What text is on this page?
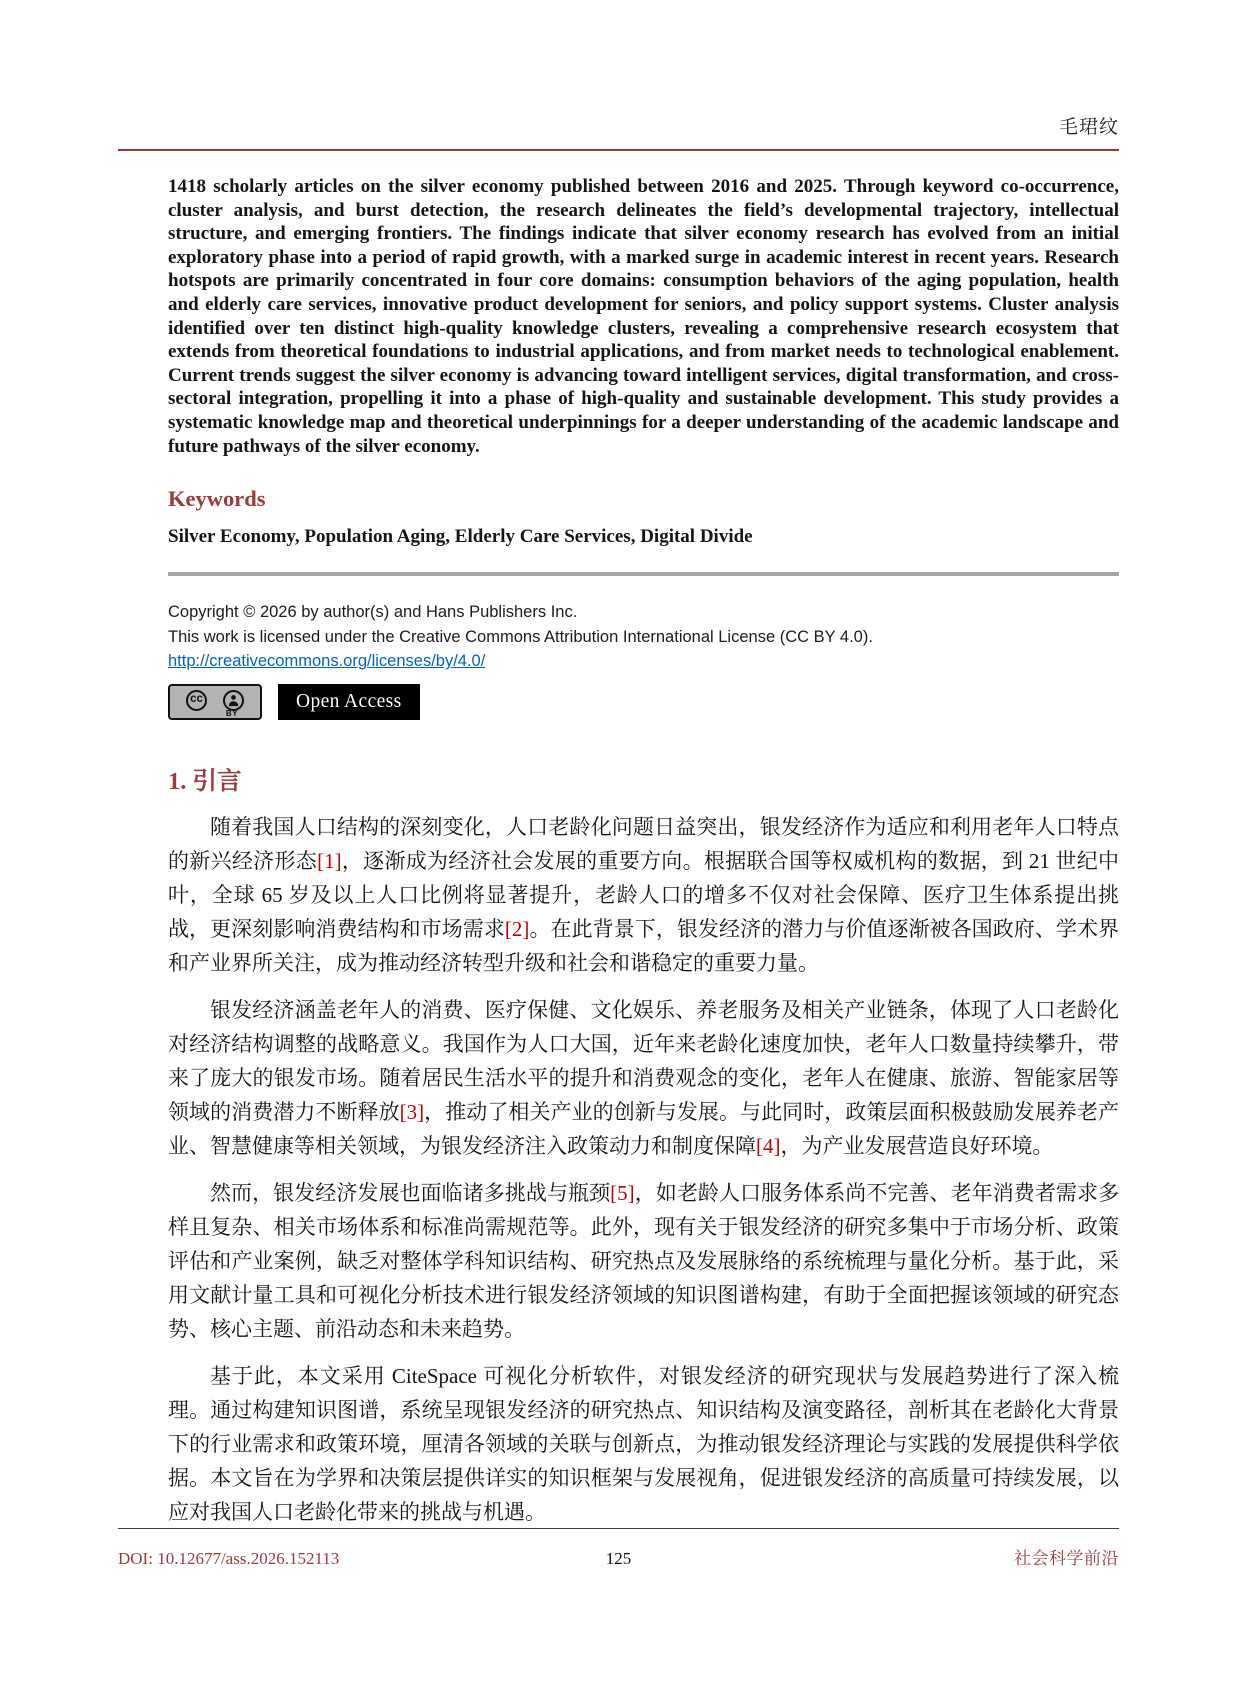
毛珺纹
1418 scholarly articles on the silver economy published between 2016 and 2025. Through keyword co-occurrence, cluster analysis, and burst detection, the research delineates the field’s developmental trajectory, intellectual structure, and emerging frontiers. The findings indicate that silver economy research has evolved from an initial exploratory phase into a period of rapid growth, with a marked surge in academic interest in recent years. Research hotspots are primarily concentrated in four core domains: consumption behaviors of the aging population, health and elderly care services, innovative product development for seniors, and policy support systems. Cluster analysis identified over ten distinct high-quality knowledge clusters, revealing a comprehensive research ecosystem that extends from theoretical foundations to industrial applications, and from market needs to technological enablement. Current trends suggest the silver economy is advancing toward intelligent services, digital transformation, and cross-sectoral integration, propelling it into a phase of high-quality and sustainable development. This study provides a systematic knowledge map and theoretical underpinnings for a deeper understanding of the academic landscape and future pathways of the silver economy.
Keywords
Silver Economy, Population Aging, Elderly Care Services, Digital Divide
Copyright © 2026 by author(s) and Hans Publishers Inc.
This work is licensed under the Creative Commons Attribution International License (CC BY 4.0).
http://creativecommons.org/licenses/by/4.0/
cc
BY
Open Access
1. 引言

随着我国人口结构的深刻变化，人口老龄化问题日益突出，银发经济作为适应和利用老年人口特点的新兴经济形态[1]，逐渐成为经济社会发展的重要方向。根据联合国等权威机构的数据，到 21 世纪中叶，全球 65 岁及以上人口比例将显著提升，老龄人口的增多不仅对社会保障、医疗卫生体系提出挑战，更深刻影响消费结构和市场需求[2]。在此背景下，银发经济的潜力与价值逐渐被各国政府、学术界和产业界所关注，成为推动经济转型升级和社会和谐稳定的重要力量。

银发经济涵盖老年人的消费、医疗保健、文化娱乐、养老服务及相关产业链条，体现了人口老龄化对经济结构调整的战略意义。我国作为人口大国，近年来老龄化速度加快，老年人口数量持续攀升，带来了庞大的银发市场。随着居民生活水平的提升和消费观念的变化，老年人在健康、旅游、智能家居等领域的消费潜力不断释放[3]，推动了相关产业的创新与发展。与此同时，政策层面积极鼓励发展养老产业、智慧健康等相关领域，为银发经济注入政策动力和制度保障[4]，为产业发展营造良好环境。

然而，银发经济发展也面临诸多挑战与瓶颈[5]，如老龄人口服务体系尚不完善、老年消费者需求多样且复杂、相关市场体系和标准尚需规范等。此外，现有关于银发经济的研究多集中于市场分析、政策评估和产业案例，缺乏对整体学科知识结构、研究热点及发展脉络的系统梳理与量化分析。基于此，采用文献计量工具和可视化分析技术进行银发经济领域的知识图谱构建，有助于全面把握该领域的研究态势、核心主题、前沿动态和未来趋势。

基于此，本文采用 CiteSpace 可视化分析软件，对银发经济的研究现状与发展趋势进行了深入梳理。通过构建知识图谱，系统呈现银发经济的研究热点、知识结构及演变路径，剖析其在老龄化大背景下的行业需求和政策环境，厘清各领域的关联与创新点，为推动银发经济理论与实践的发展提供科学依据。本文旨在为学界和决策层提供详实的知识框架与发展视角，促进银发经济的高质量可持续发展，以应对我国人口老龄化带来的挑战与机遇。

DOI: 10.12677/ass.2026.152113	125	社会科学前沿
